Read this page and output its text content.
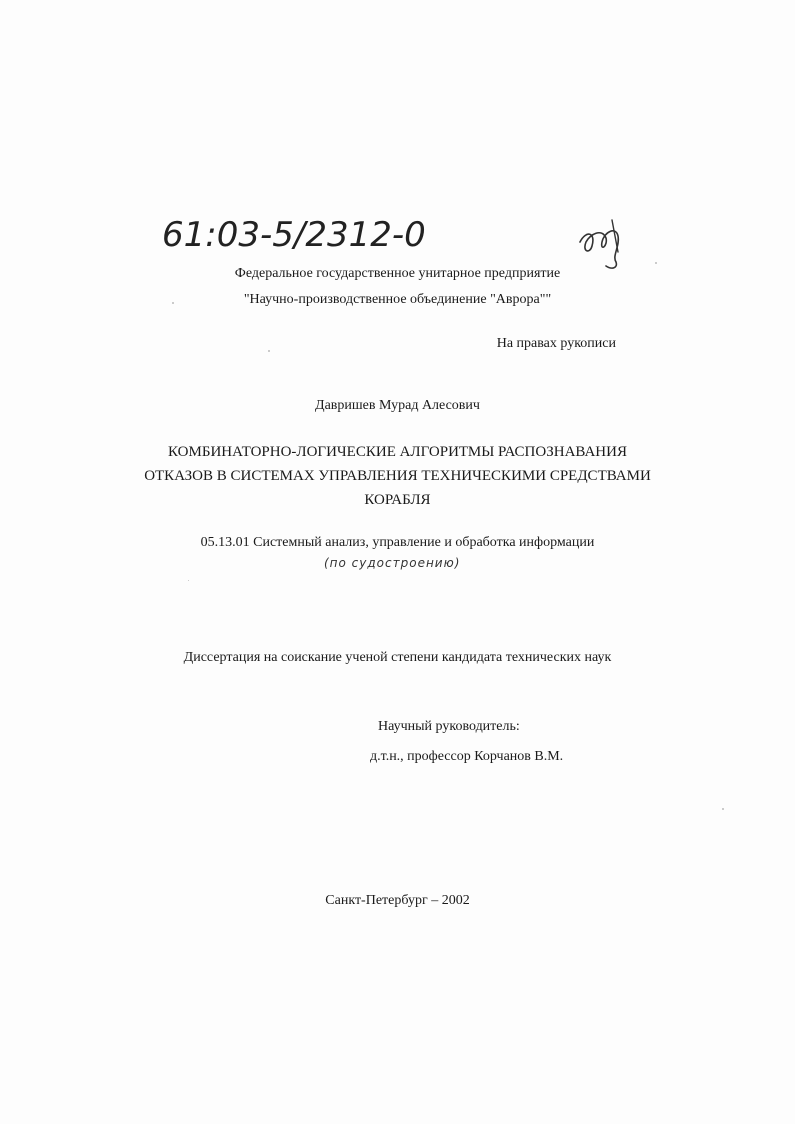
61:03-5/2312-0
Федеральное государственное унитарное предприятие
"Научно-производственное объединение "Аврора""
На правах рукописи
Давришев Мурад Алесович
КОМБИНАТОРНО-ЛОГИЧЕСКИЕ АЛГОРИТМЫ РАСПОЗНАВАНИЯ
ОТКАЗОВ В СИСТЕМАХ УПРАВЛЕНИЯ ТЕХНИЧЕСКИМИ СРЕДСТВАМИ
КОРАБЛЯ
05.13.01 Системный анализ, управление и обработка информации
(по судостроению)
Диссертация на соискание ученой степени кандидата технических наук
Научный руководитель:
д.т.н., профессор Корчанов В.М.
Санкт-Петербург – 2002
